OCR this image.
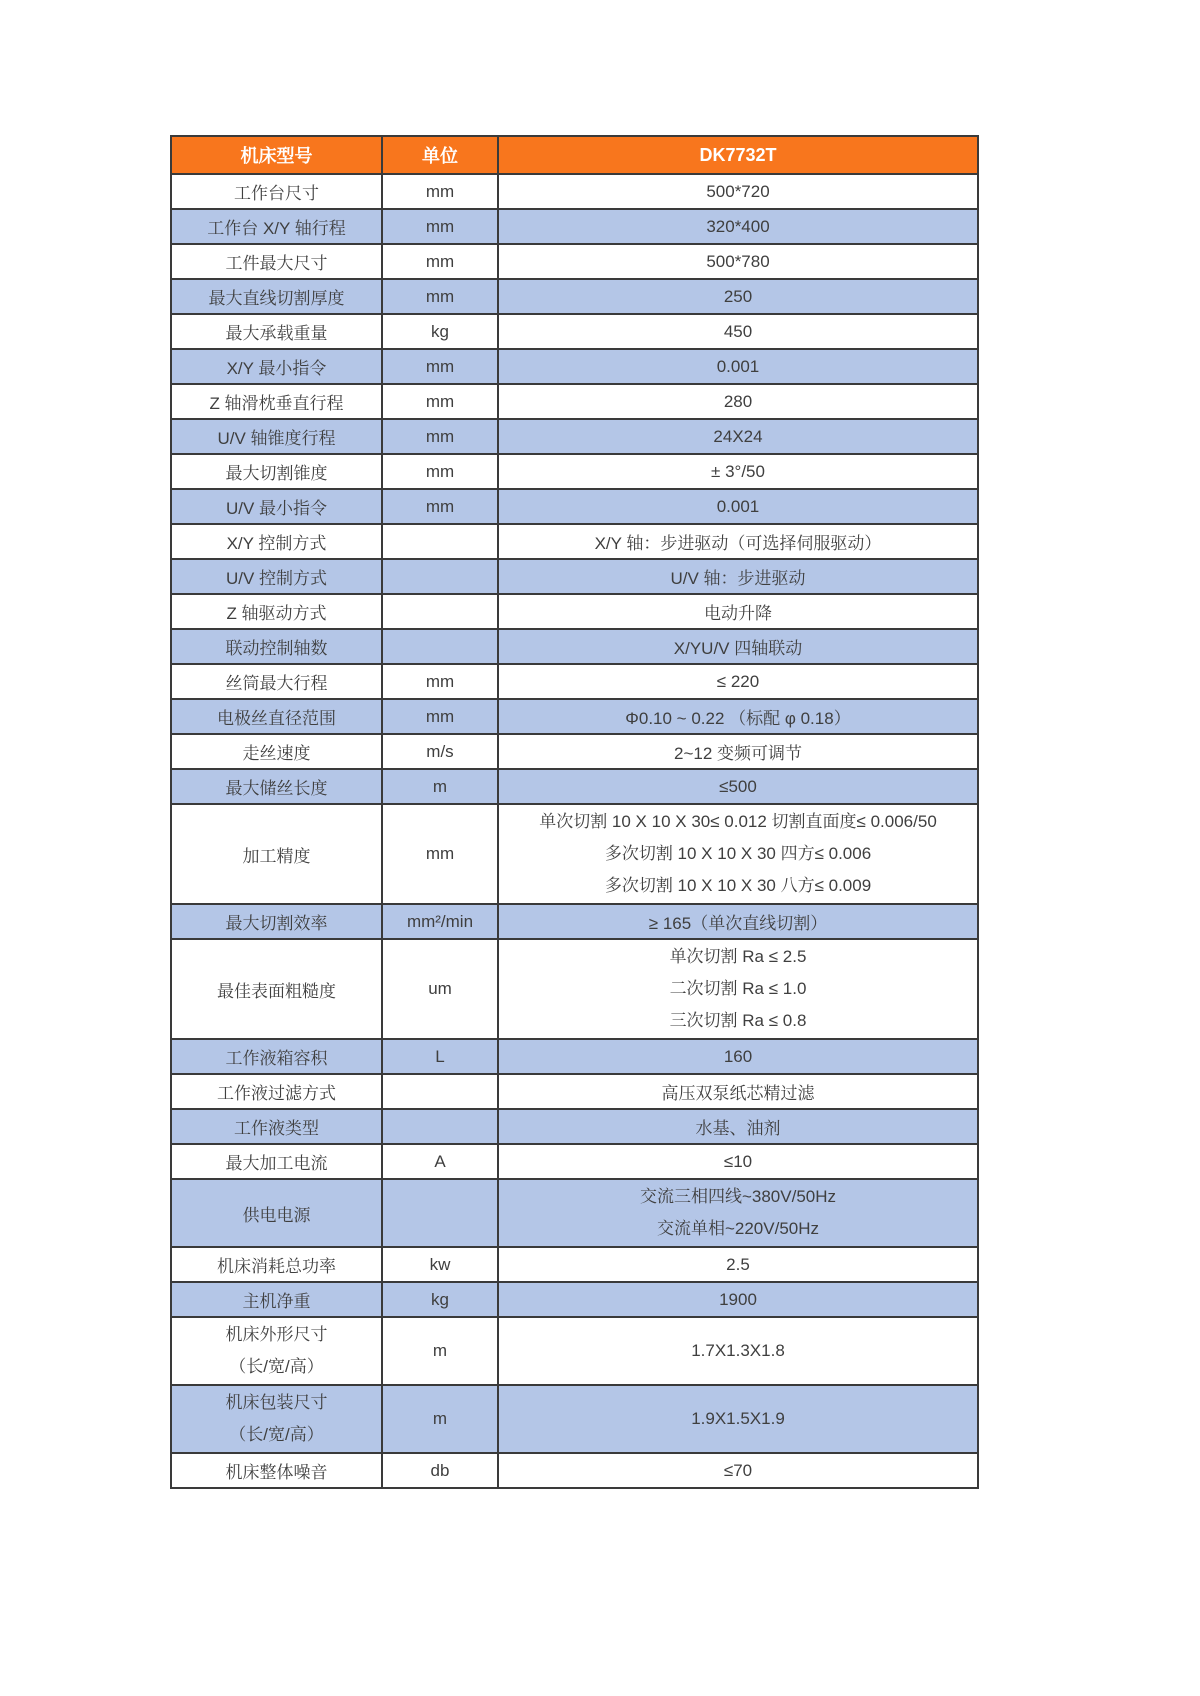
机床型号	单位	DK7732T
工作台尺寸	mm	500*720
工作台 X/Y 轴行程	mm	320*400
工件最大尺寸	mm	500*780
最大直线切割厚度	mm	250
最大承载重量	kg	450
X/Y 最小指令	mm	0.001
Z 轴滑枕垂直行程	mm	280
U/V 轴锥度行程	mm	24X24
最大切割锥度	mm	± 3°/50
U/V 最小指令	mm	0.001
X/Y 控制方式		X/Y 轴：步进驱动（可选择伺服驱动）
U/V 控制方式		U/V 轴：步进驱动
Z 轴驱动方式		电动升降
联动控制轴数		X/YU/V 四轴联动
丝筒最大行程	mm	≤ 220
电极丝直径范围	mm	Φ0.10 ~ 0.22 （标配 φ 0.18）
走丝速度	m/s	2~12 变频可调节
最大储丝长度	m	≤500
加工精度	mm	单次切割 10 X 10 X 30≤ 0.012 切割直面度≤ 0.006/50
多次切割 10 X 10 X 30 四方≤ 0.006
多次切割 10 X 10 X 30 八方≤ 0.009

最大切割效率	mm²/min	≥ 165（单次直线切割）
最佳表面粗糙度	um	单次切割 Ra ≤ 2.5
二次切割 Ra ≤ 1.0
三次切割 Ra ≤ 0.8

工作液箱容积	L	160
工作液过滤方式		高压双泵纸芯精过滤
工作液类型		水基、油剂
最大加工电流	A	≤10
供电电源		交流三相四线~380V/50Hz
交流单相~220V/50Hz

机床消耗总功率	kw	2.5
主机净重	kg	1900

机床外形尺寸
（长/宽/高）	m	1.7X1.3X1.8

机床包装尺寸
（长/宽/高）	m	1.9X1.5X1.9
机床整体噪音	db	≤70
